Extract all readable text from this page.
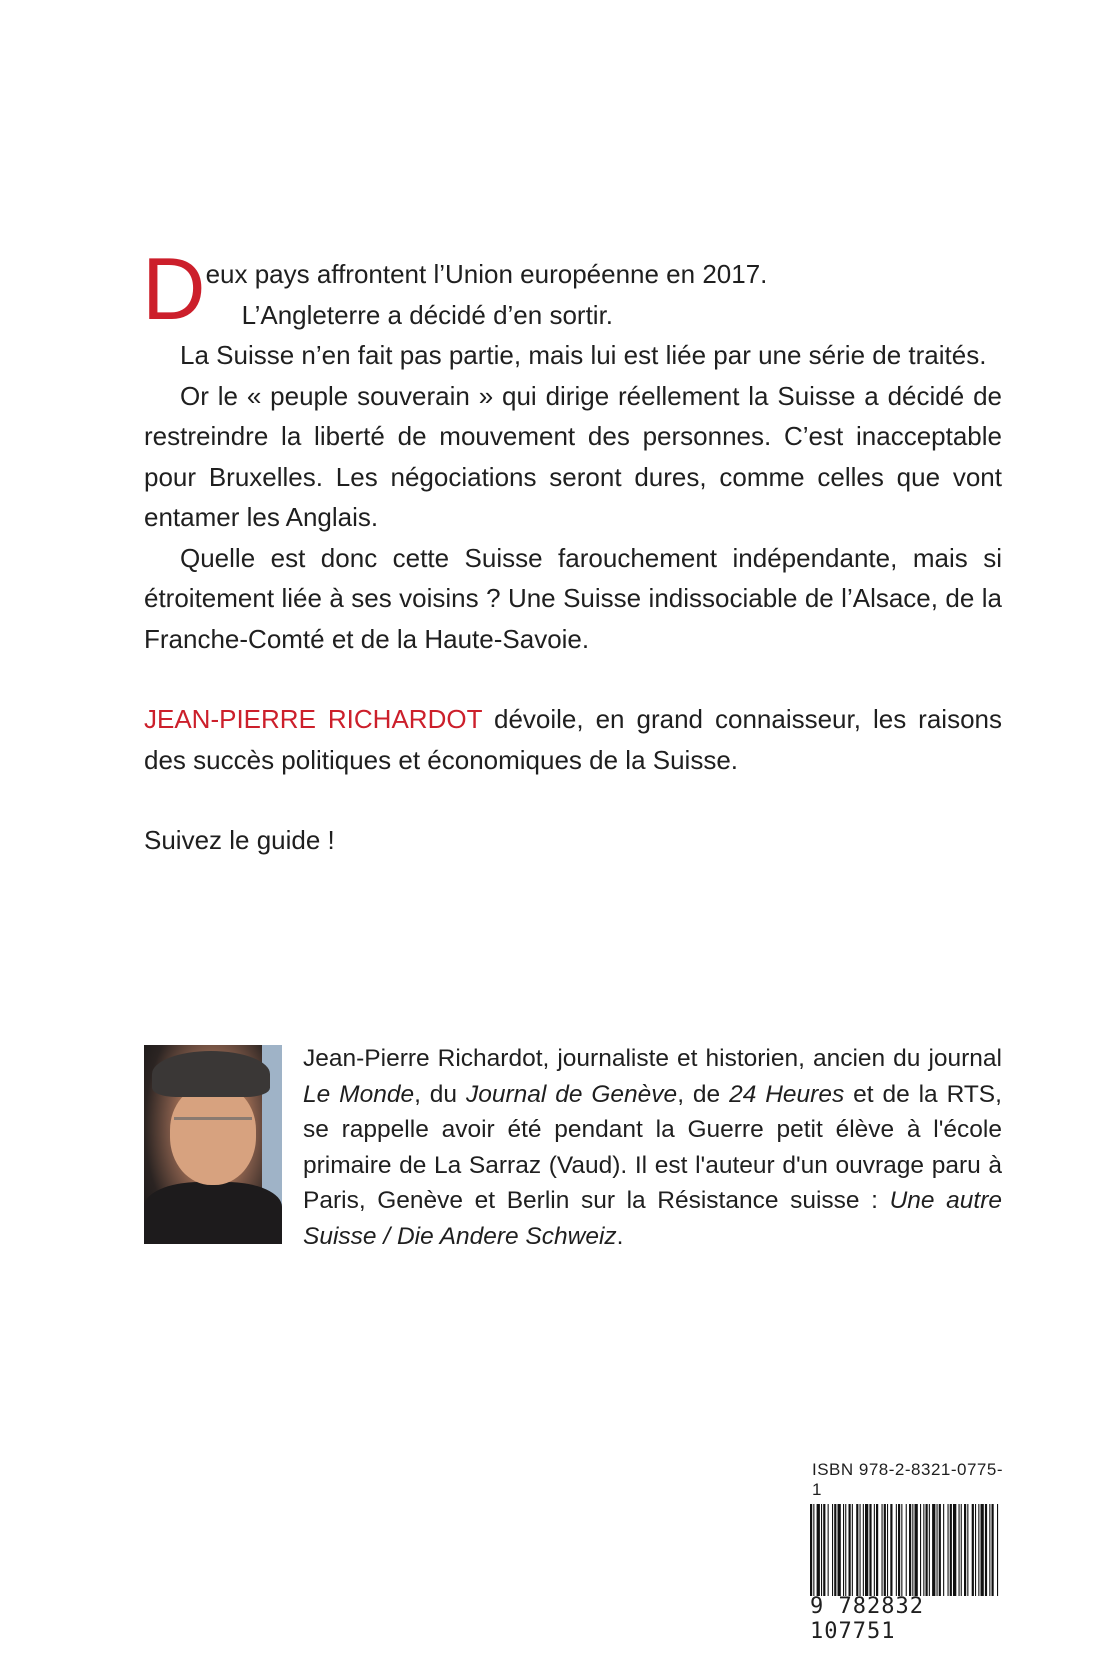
Deux pays affrontent l’Union européenne en 2017.

L’Angleterre a décidé d’en sortir.

La Suisse n’en fait pas partie, mais lui est liée par une série de traités.

Or le « peuple souverain » qui dirige réellement la Suisse a décidé de restreindre la liberté de mouvement des personnes. C’est inacceptable pour Bruxelles. Les négociations seront dures, comme celles que vont entamer les Anglais.

Quelle est donc cette Suisse farouchement indépendante, mais si étroitement liée à ses voisins ? Une Suisse indissociable de l’Alsace, de la Franche-Comté et de la Haute-Savoie.

JEAN-PIERRE RICHARDOT dévoile, en grand connaisseur, les raisons des succès politiques et économiques de la Suisse.

Suivez le guide !

Jean-Pierre Richardot, journaliste et historien, ancien du journal Le Monde, du Journal de Genève, de 24 Heures et de la RTS, se rappelle avoir été pendant la Guerre petit élève à l'école primaire de La Sarraz (Vaud). Il est l'auteur d'un ouvrage paru à Paris, Genève et Berlin sur la Résistance suisse : Une autre Suisse / Die Andere Schweiz.

ISBN 978-2-8321-0775-1
9 782832 107751
